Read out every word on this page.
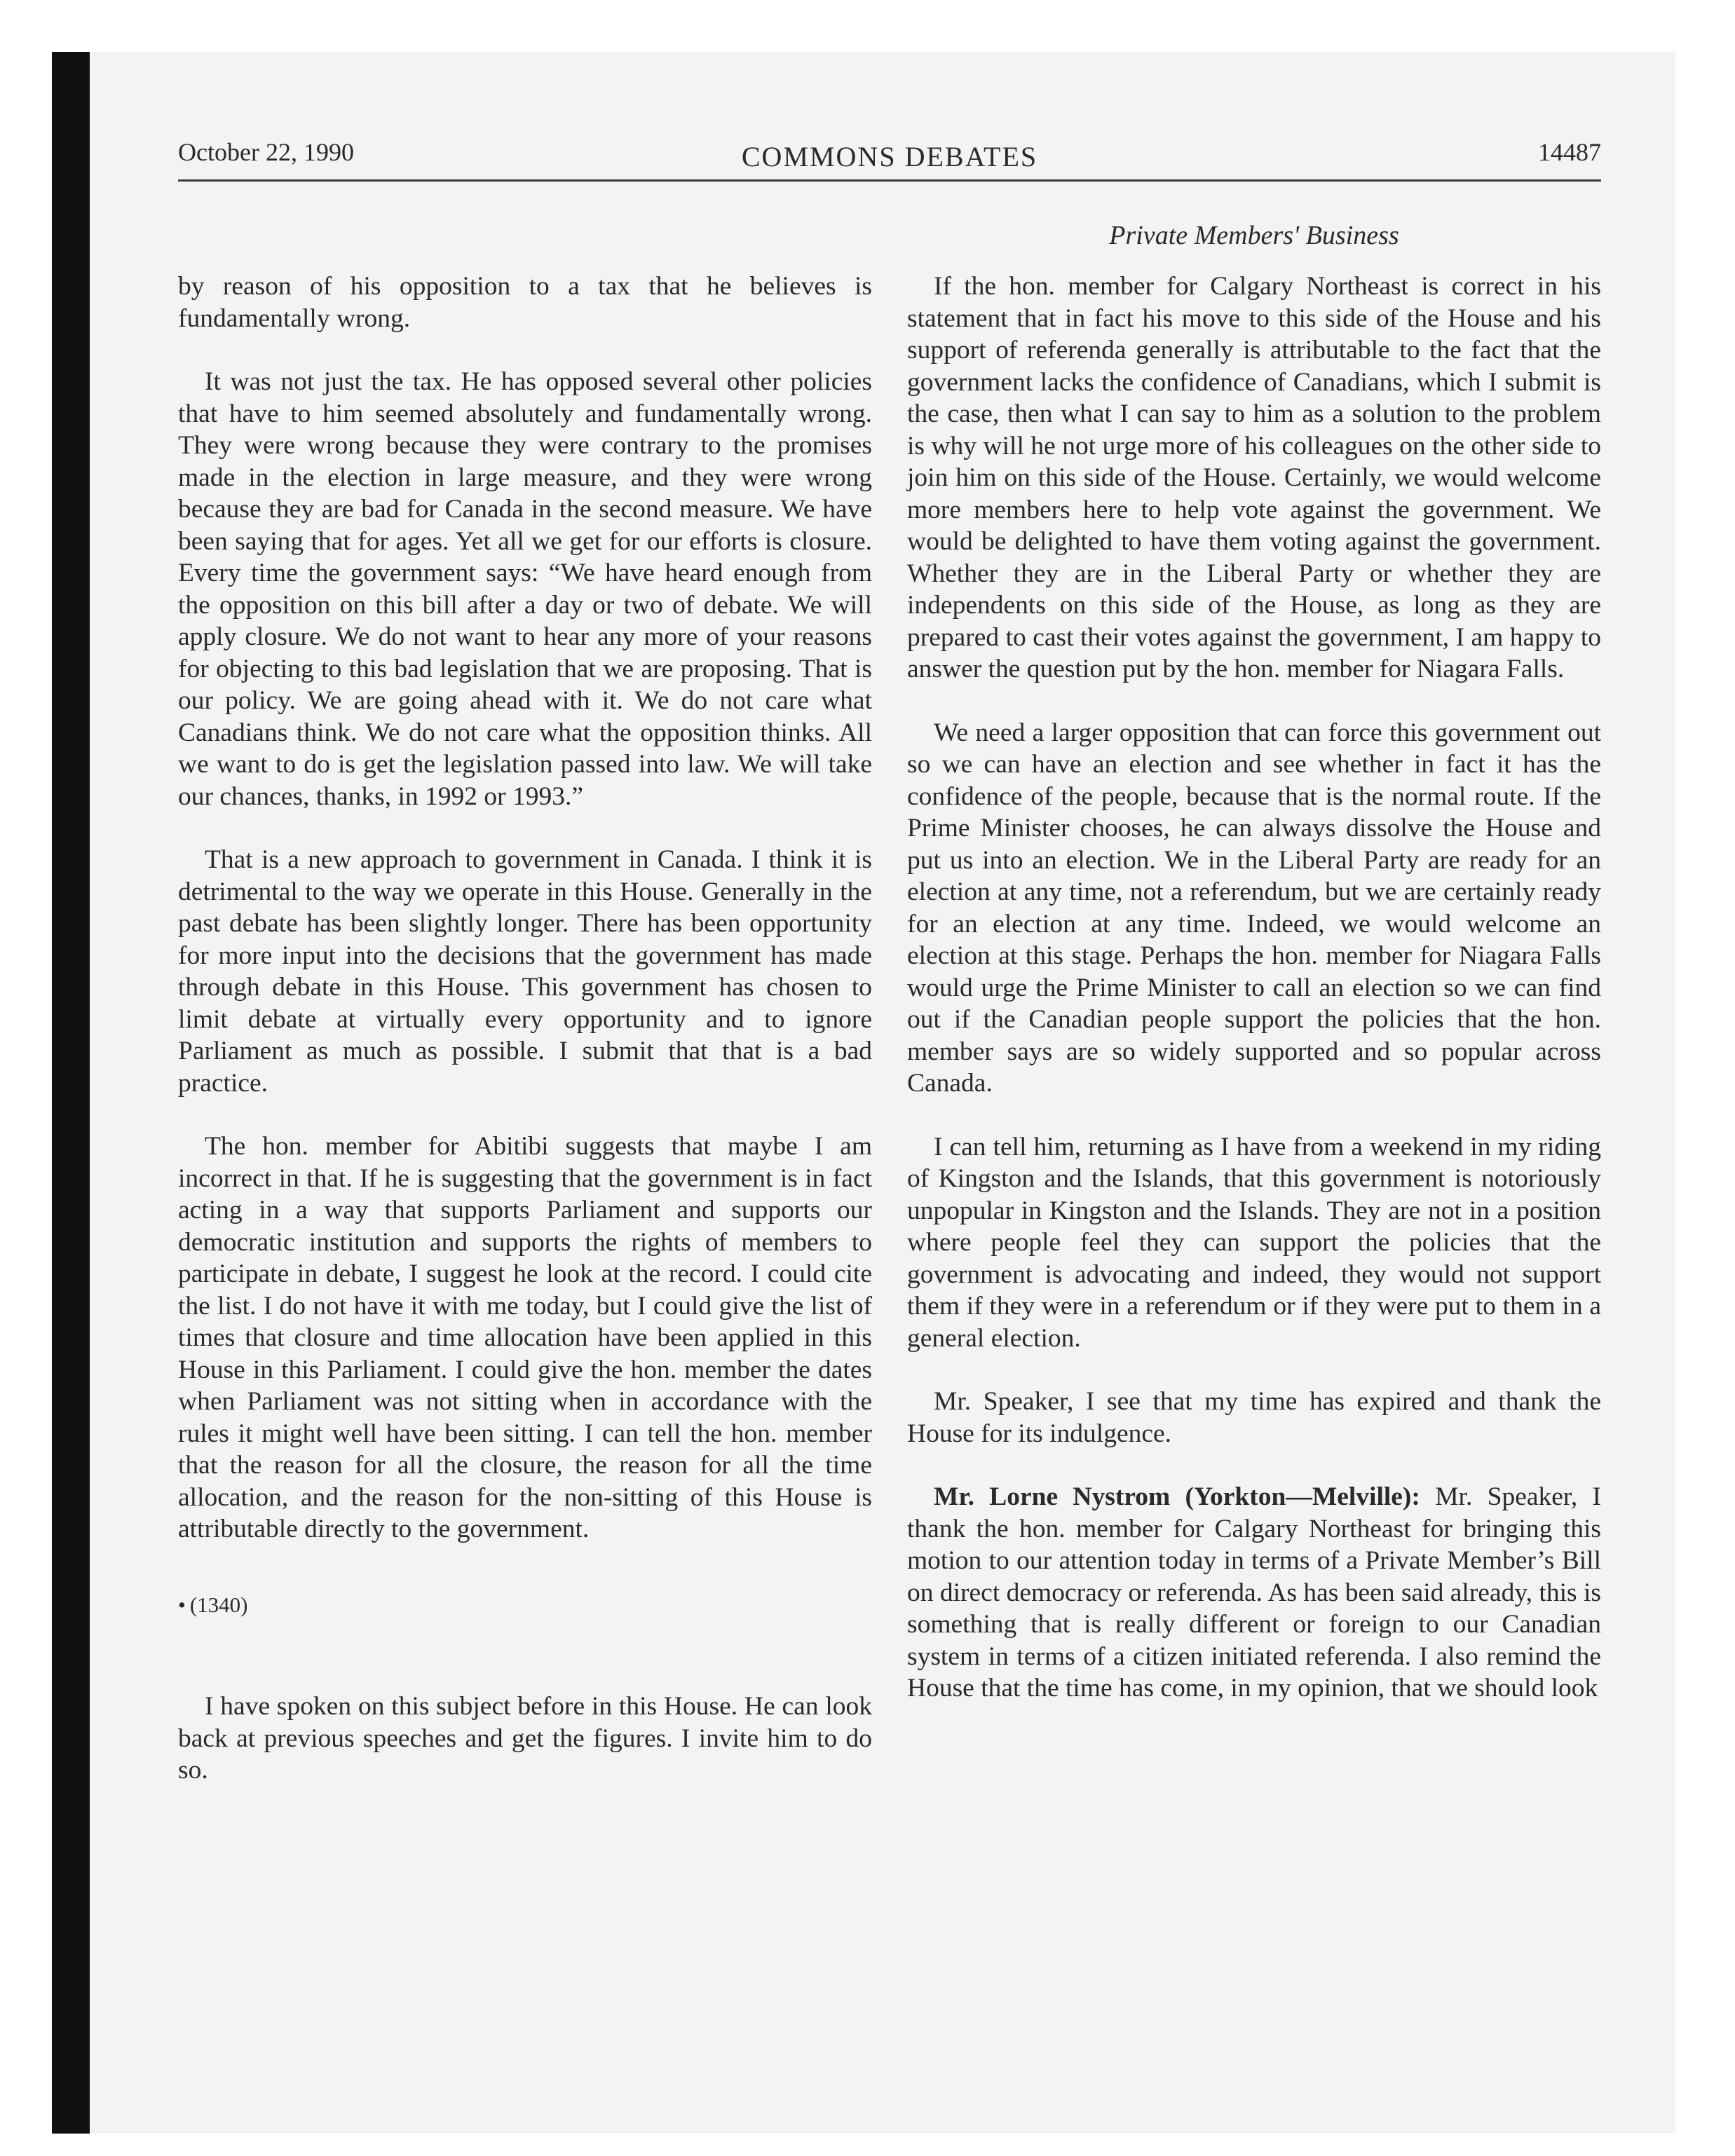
October 22, 1990	COMMONS DEBATES	14487
Private Members' Business

by reason of his opposition to a tax that he believes is fundamentally wrong.

It was not just the tax. He has opposed several other policies that have to him seemed absolutely and fundamentally wrong. They were wrong because they were contrary to the promises made in the election in large measure, and they were wrong because they are bad for Canada in the second measure. We have been saying that for ages. Yet all we get for our efforts is closure. Every time the government says: “We have heard enough from the opposition on this bill after a day or two of debate. We will apply closure. We do not want to hear any more of your reasons for objecting to this bad legislation that we are proposing. That is our policy. We are going ahead with it. We do not care what Canadians think. We do not care what the opposition thinks. All we want to do is get the legislation passed into law. We will take our chances, thanks, in 1992 or 1993.”

That is a new approach to government in Canada. I think it is detrimental to the way we operate in this House. Generally in the past debate has been slightly longer. There has been opportunity for more input into the decisions that the government has made through debate in this House. This government has chosen to limit debate at virtually every opportunity and to ignore Parliament as much as possible. I submit that that is a bad practice.

The hon. member for Abitibi suggests that maybe I am incorrect in that. If he is suggesting that the government is in fact acting in a way that supports Parliament and supports our democratic institution and supports the rights of members to participate in debate, I suggest he look at the record. I could cite the list. I do not have it with me today, but I could give the list of times that closure and time allocation have been applied in this House in this Parliament. I could give the hon. member the dates when Parliament was not sitting when in accordance with the rules it might well have been sitting. I can tell the hon. member that the reason for all the closure, the reason for all the time allocation, and the reason for the non-sitting of this House is attributable directly to the government.

• (1340)

I have spoken on this subject before in this House. He can look back at previous speeches and get the figures. I invite him to do so.

If the hon. member for Calgary Northeast is correct in his statement that in fact his move to this side of the House and his support of referenda generally is attributable to the fact that the government lacks the confidence of Canadians, which I submit is the case, then what I can say to him as a solution to the problem is why will he not urge more of his colleagues on the other side to join him on this side of the House. Certainly, we would welcome more members here to help vote against the government. We would be delighted to have them voting against the government. Whether they are in the Liberal Party or whether they are independents on this side of the House, as long as they are prepared to cast their votes against the government, I am happy to answer the question put by the hon. member for Niagara Falls.

We need a larger opposition that can force this government out so we can have an election and see whether in fact it has the confidence of the people, because that is the normal route. If the Prime Minister chooses, he can always dissolve the House and put us into an election. We in the Liberal Party are ready for an election at any time, not a referendum, but we are certainly ready for an election at any time. Indeed, we would welcome an election at this stage. Perhaps the hon. member for Niagara Falls would urge the Prime Minister to call an election so we can find out if the Canadian people support the policies that the hon. member says are so widely supported and so popular across Canada.

I can tell him, returning as I have from a weekend in my riding of Kingston and the Islands, that this government is notoriously unpopular in Kingston and the Islands. They are not in a position where people feel they can support the policies that the government is advocating and indeed, they would not support them if they were in a referendum or if they were put to them in a general election.

Mr. Speaker, I see that my time has expired and thank the House for its indulgence.

Mr. Lorne Nystrom (Yorkton—Melville): Mr. Speaker, I thank the hon. member for Calgary Northeast for bringing this motion to our attention today in terms of a Private Member’s Bill on direct democracy or referenda. As has been said already, this is something that is really different or foreign to our Canadian system in terms of a citizen initiated referenda. I also remind the House that the time has come, in my opinion, that we should look
